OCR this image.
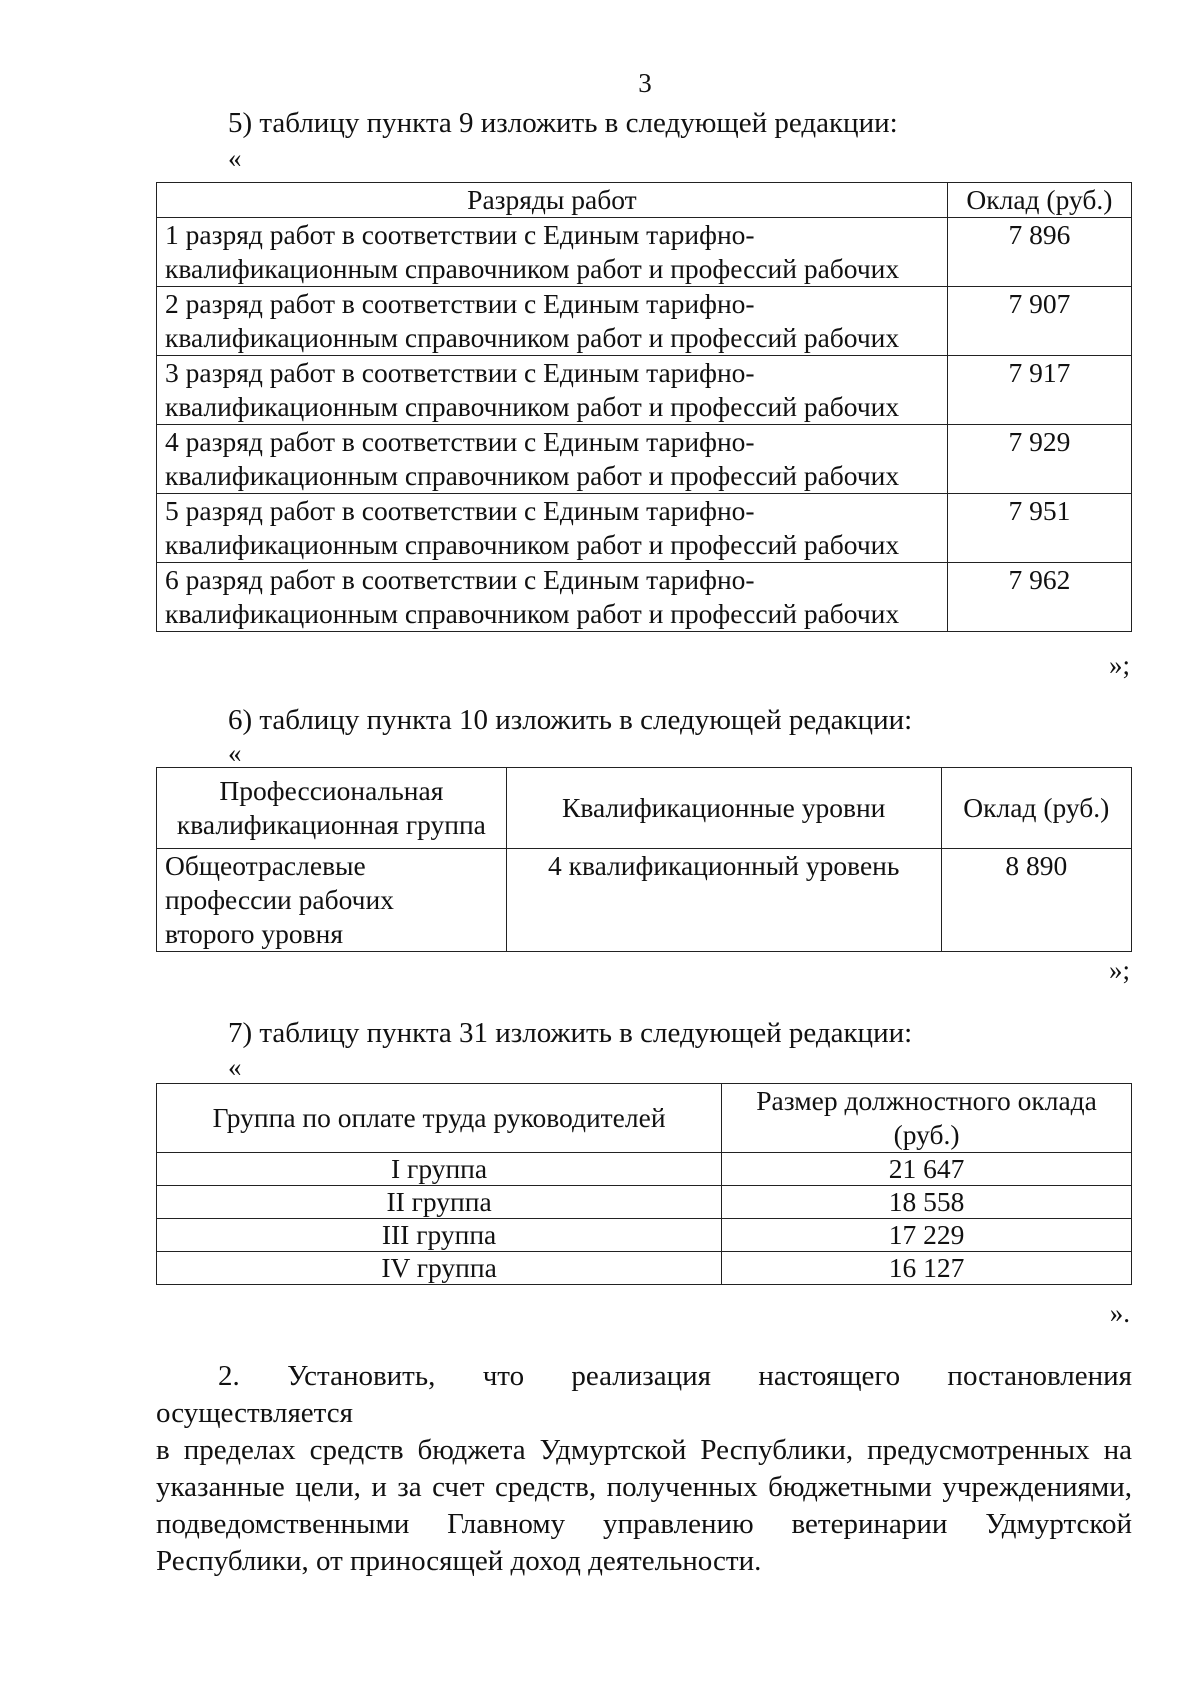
3
5) таблицу пункта 9 изложить в следующей редакции:
«
Разряды работ	Оклад (руб.)
1 разряд работ в соответствии с Единым тарифно-
квалификационным справочником работ и профессий рабочих	7 896
2 разряд работ в соответствии с Единым тарифно-
квалификационным справочником работ и профессий рабочих	7 907
3 разряд работ в соответствии с Единым тарифно-
квалификационным справочником работ и профессий рабочих	7 917
4 разряд работ в соответствии с Единым тарифно-
квалификационным справочником работ и профессий рабочих	7 929
5 разряд работ в соответствии с Единым тарифно-
квалификационным справочником работ и профессий рабочих	7 951
6 разряд работ в соответствии с Единым тарифно-
квалификационным справочником работ и профессий рабочих	7 962
»;
6) таблицу пункта 10 изложить в следующей редакции:
«
Профессиональная
квалификационная группа	Квалификационные уровни	Оклад (руб.)
Общеотраслевые
профессии рабочих
второго уровня	4 квалификационный уровень	8 890
»;
7) таблицу пункта 31 изложить в следующей редакции:
«
Группа по оплате труда руководителей	Размер должностного оклада
(руб.)
I группа	21 647
II группа	18 558
III группа	17 229
IV группа	16 127
».
2. Установить, что реализация настоящего постановления осуществляется
в пределах средств бюджета Удмуртской Республики, предусмотренных на
указанные цели, и за счет средств, полученных бюджетными учреждениями,
подведомственными Главному управлению ветеринарии Удмуртской
Республики, от приносящей доход деятельности.
